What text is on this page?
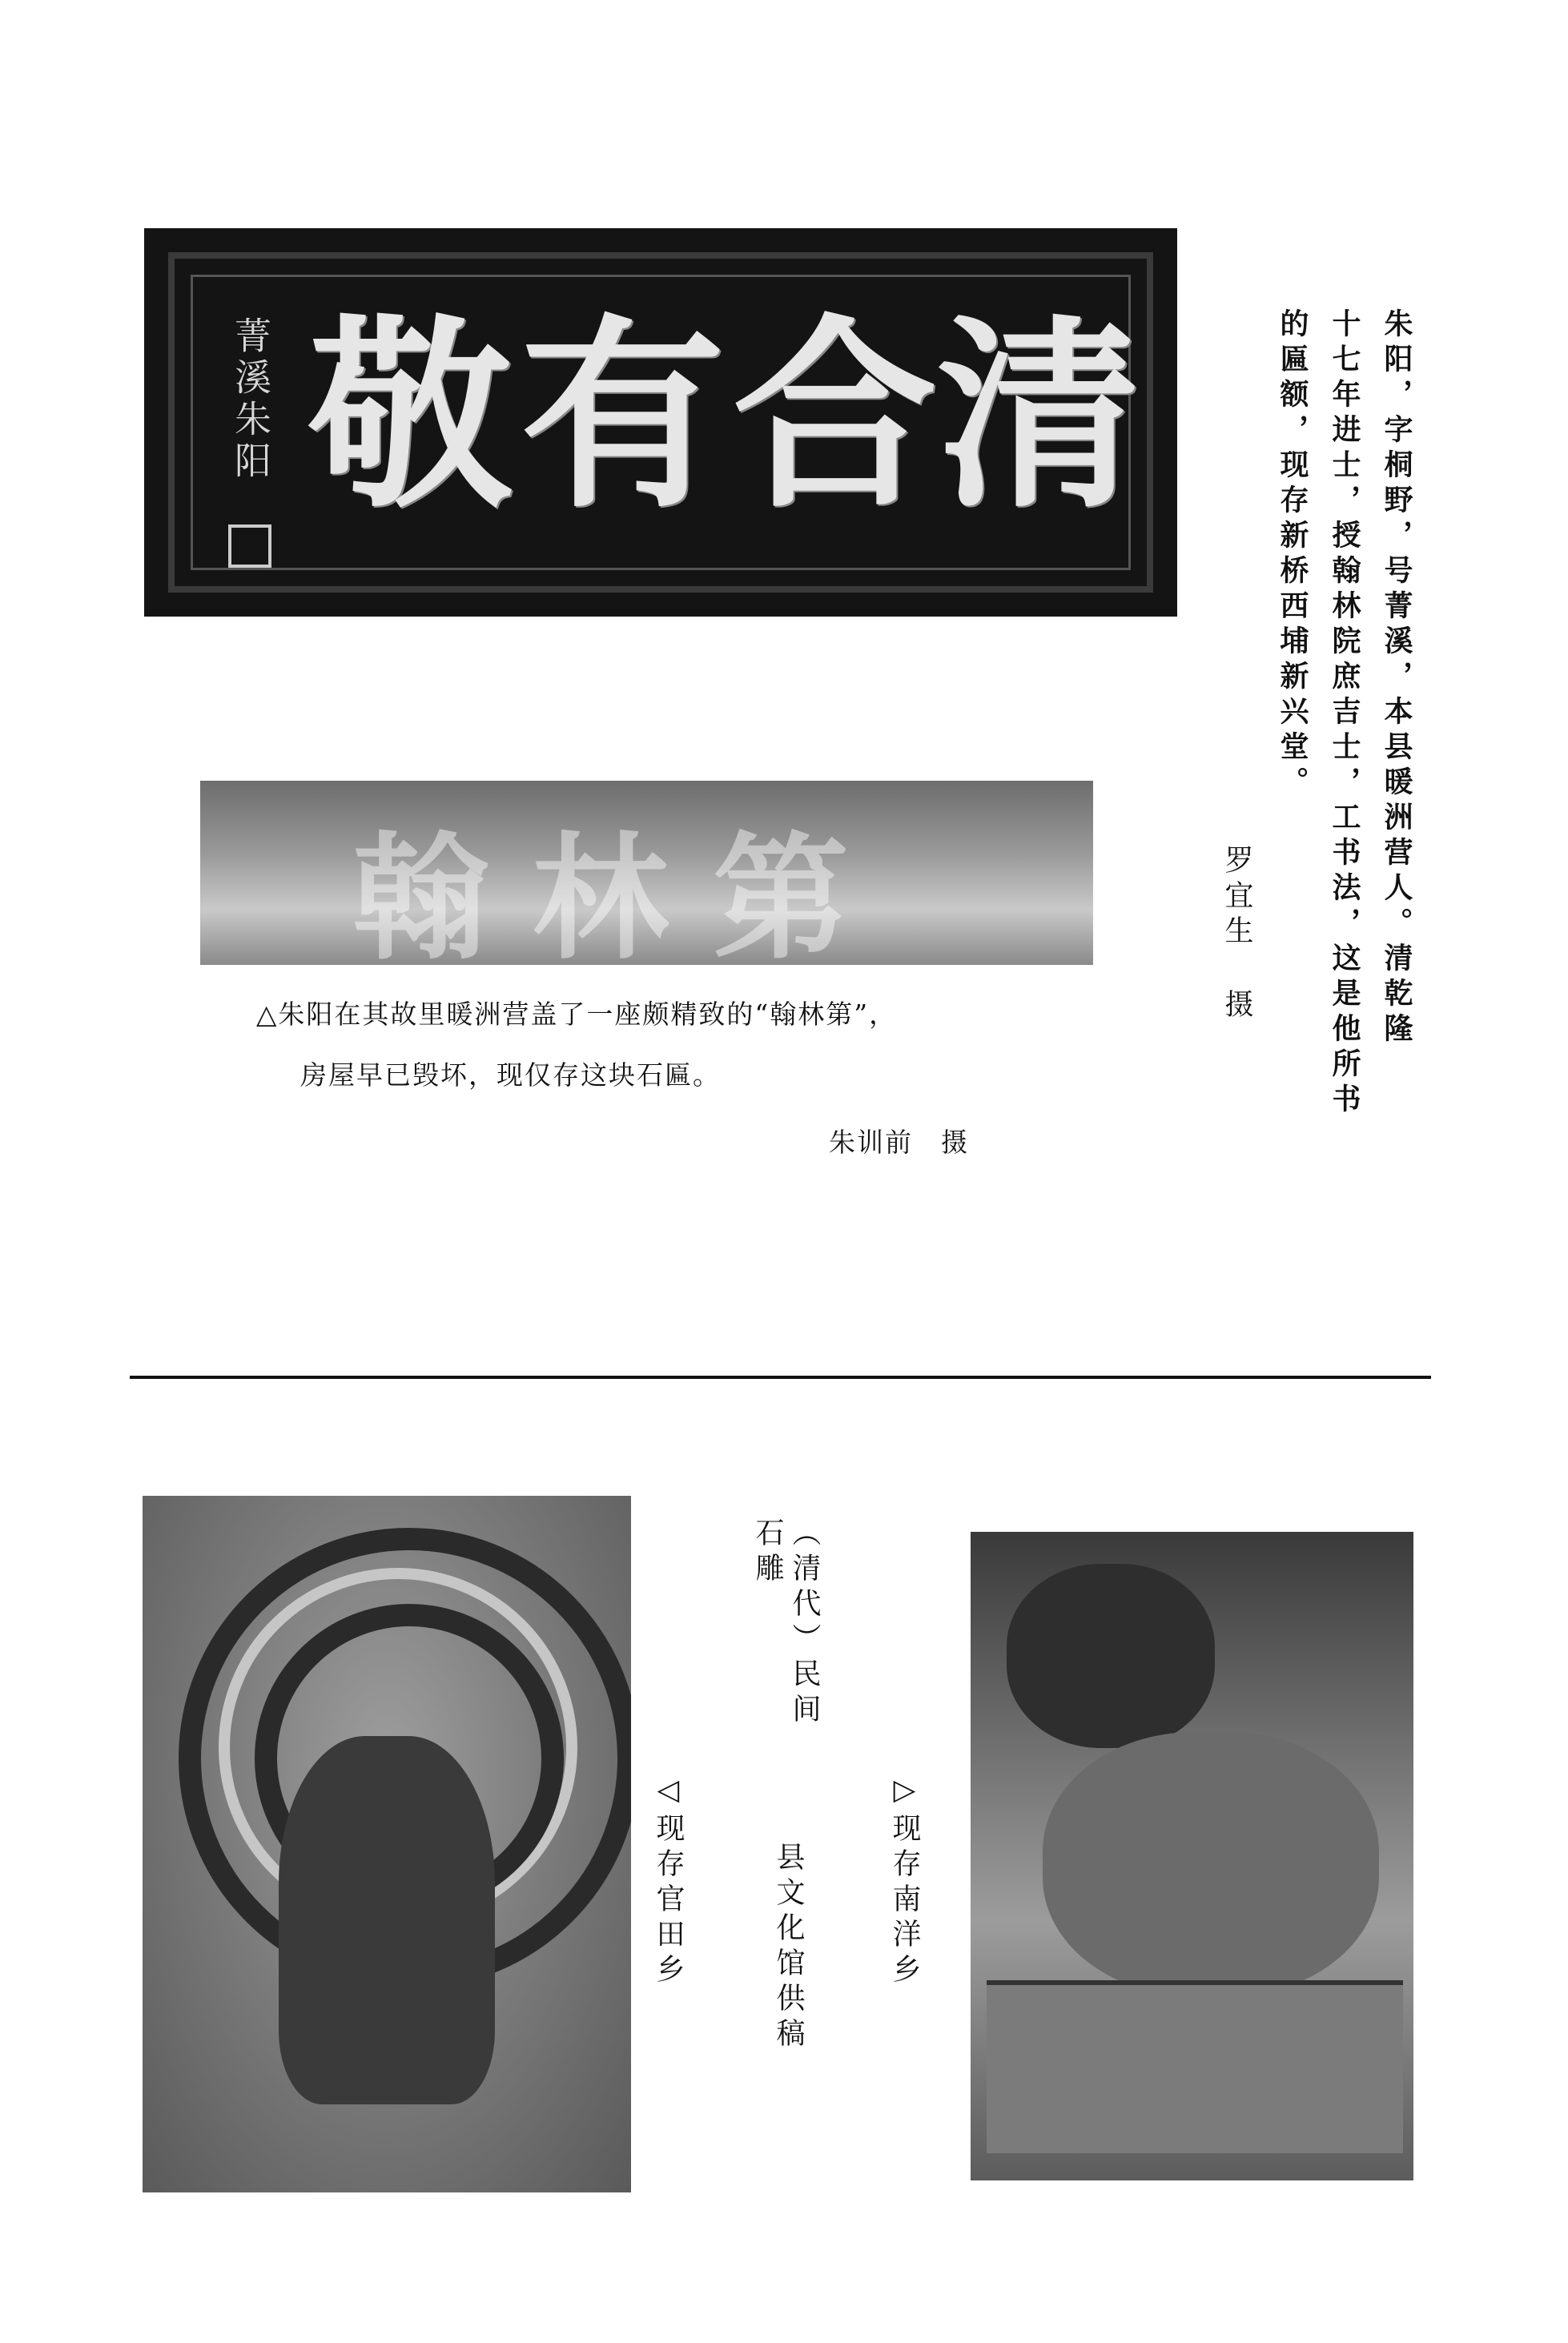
菁溪朱阳 敬 有 合 清	朱阳，字桐野，号菁溪，本县暖洲营人。清乾隆
十七年进士，授翰林院庶吉士，工书法，这是他所书
的匾额，现存新桥西埔新兴堂。
罗宜生
摄
翰林第
△朱阳在其故里暖洲营盖了一座颇精致的“翰林第”，
房屋早已毁坏，现仅存这块石匾。
朱训前　摄
（清代）民间石雕
◁现存官田乡	县文化馆供稿	▷现存南洋乡
